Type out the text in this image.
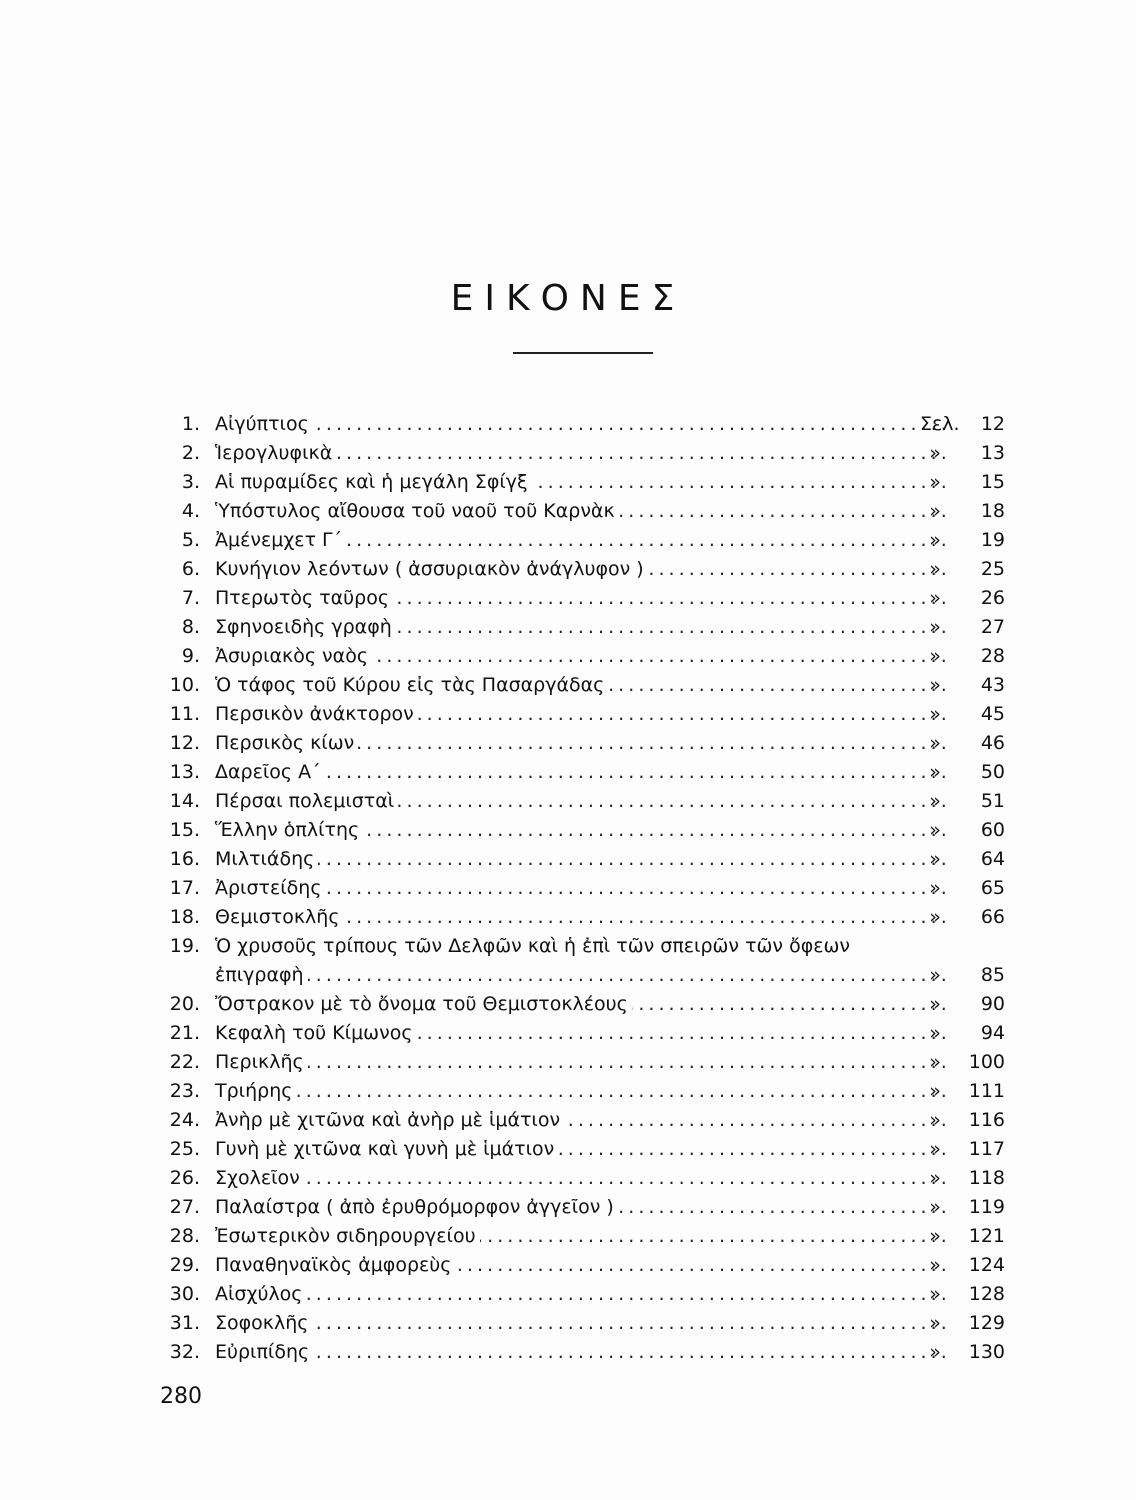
ΕΙΚΟΝΕΣ
1. Αἰγύπτιος . . .	Σελ.	12
2. Ἱερογλυφικὰ . . .	»	13
3. Αἱ πυραμίδες καὶ ἡ μεγάλη Σφίγξ . . .	»	15
4. Ὑπόστυλος αἴθουσα τοῦ ναοῦ τοῦ Καρνὰκ . . .	»	18
5. Ἀμένεμχετ Γ΄ . . .	»	19
6. Κυνήγιον λεόντων ( ἀσσυριακὸν ἀνάγλυφον ) . . .	»	25
7. Πτερωτὸς ταῦρος . . .	»	26
8. Σφηνοειδὴς γραφὴ . . .	»	27
9. Ἀσυριακὸς ναὸς . . .	»	28
10. Ὁ τάφος τοῦ Κύρου εἰς τὰς Πασαργάδας . . .	»	43
11. Περσικὸν ἀνάκτορον . . .	»	45
12. Περσικὸς κίων . . .	»	46
13. Δαρεῖος Α΄ . . .	»	50
14. Πέρσαι πολεμισταὶ . . .	»	51
15. Ἕλλην ὁπλίτης . . .	»	60
16. Μιλτιάδης . . .	»	64
17. Ἀριστείδης . . .	»	65
18. Θεμιστοκλῆς . . .	»	66
19. Ὁ χρυσοῦς τρίπους τῶν Δελφῶν καὶ ἡ ἐπὶ τῶν σπειρῶν τῶν ὄφεων
ἐπιγραφὴ . . .	»	85
20. Ὄστρακον μὲ τὸ ὄνομα τοῦ Θεμιστοκλέους . . .	»	90
21. Κεφαλὴ τοῦ Κίμωνος . . .	»	94
22. Περικλῆς . . .	»	100
23. Τριήρης . . .	»	111
24. Ἀνὴρ μὲ χιτῶνα καὶ ἀνὴρ μὲ ἱμάτιον . . .	»	116
25. Γυνὴ μὲ χιτῶνα καὶ γυνὴ μὲ ἱμάτιον . . .	»	117
26. Σχολεῖον . . .	»	118
27. Παλαίστρα ( ἀπὸ ἐρυθρόμορφον ἀγγεῖον ) . . .	»	119
28. Ἐσωτερικὸν σιδηρουργείου . . .	»	121
29. Παναθηναϊκὸς ἀμφορεὺς . . .	»	124
30. Αἰσχύλος . . .	»	128
31. Σοφοκλῆς . . .	»	129
32. Εὐριπίδης . . .	»	130
280
